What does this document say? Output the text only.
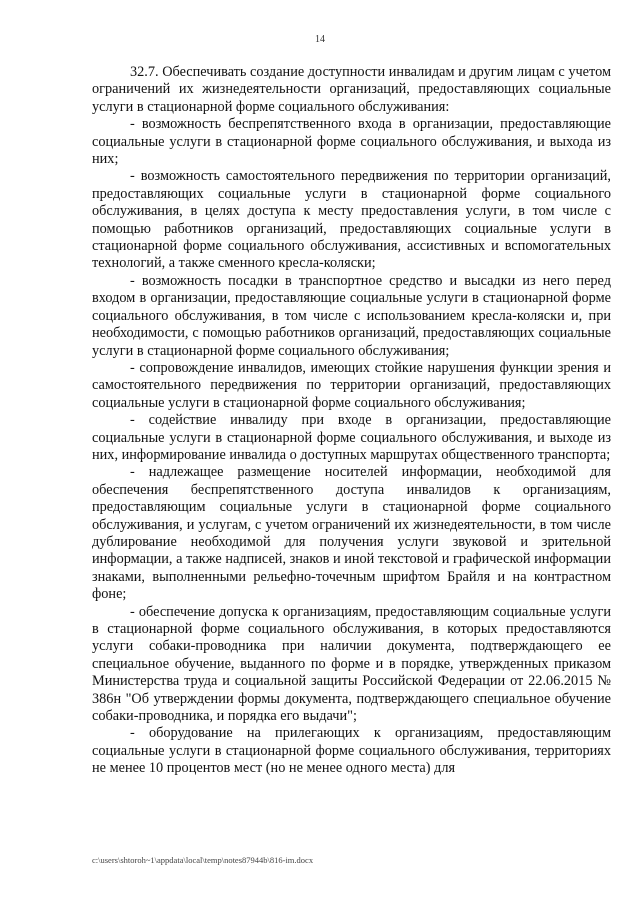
14

32.7. Обеспечивать создание доступности инвалидам и другим лицам с учетом ограничений их жизнедеятельности организаций, предоставляющих социальные услуги в стационарной форме социального обслуживания:

- возможность беспрепятственного входа в организации, предоставляющие социальные услуги в стационарной форме социального обслуживания, и выхода из них;

- возможность самостоятельного передвижения по территории организаций, предоставляющих социальные услуги в стационарной форме социального обслуживания, в целях доступа к месту предоставления услуги, в том числе с помощью работников организаций, предоставляющих социальные услуги в стационарной форме социального обслуживания, ассистивных и вспомогательных технологий, а также сменного кресла-коляски;

- возможность посадки в транспортное средство и высадки из него перед входом в организации, предоставляющие социальные услуги в стационарной форме социального обслуживания, в том числе с использованием кресла-коляски и, при необходимости, с помощью работников организаций, предоставляющих социальные услуги в стационарной форме социального обслуживания;

- сопровождение инвалидов, имеющих стойкие нарушения функции зрения и самостоятельного передвижения по территории организаций, предоставляющих социальные услуги в стационарной форме социального обслуживания;

- содействие инвалиду при входе в организации, предоставляющие социальные услуги в стационарной форме социального обслуживания, и выходе из них, информирование инвалида о доступных маршрутах общественного транспорта;

- надлежащее размещение носителей информации, необходимой для обеспечения беспрепятственного доступа инвалидов к организациям, предоставляющим социальные услуги в стационарной форме социального обслуживания, и услугам, с учетом ограничений их жизнедеятельности, в том числе дублирование необходимой для получения услуги звуковой и зрительной информации, а также надписей, знаков и иной текстовой и графической информации знаками, выполненными рельефно-точечным шрифтом Брайля и на контрастном фоне;

- обеспечение допуска к организациям, предоставляющим социальные услуги в стационарной форме социального обслуживания, в которых предоставляются услуги собаки-проводника при наличии документа, подтверждающего ее специальное обучение, выданного по форме и в порядке, утвержденных приказом Министерства труда и социальной защиты Российской Федерации от 22.06.2015 № 386н "Об утверждении формы документа, подтверждающего специальное обучение собаки-проводника, и порядка его выдачи";

- оборудование на прилегающих к организациям, предоставляющим социальные услуги в стационарной форме социального обслуживания, территориях не менее 10 процентов мест (но не менее одного места) для

c:\users\shtoroh~1\appdata\local\temp\notes87944b\816-im.docx
